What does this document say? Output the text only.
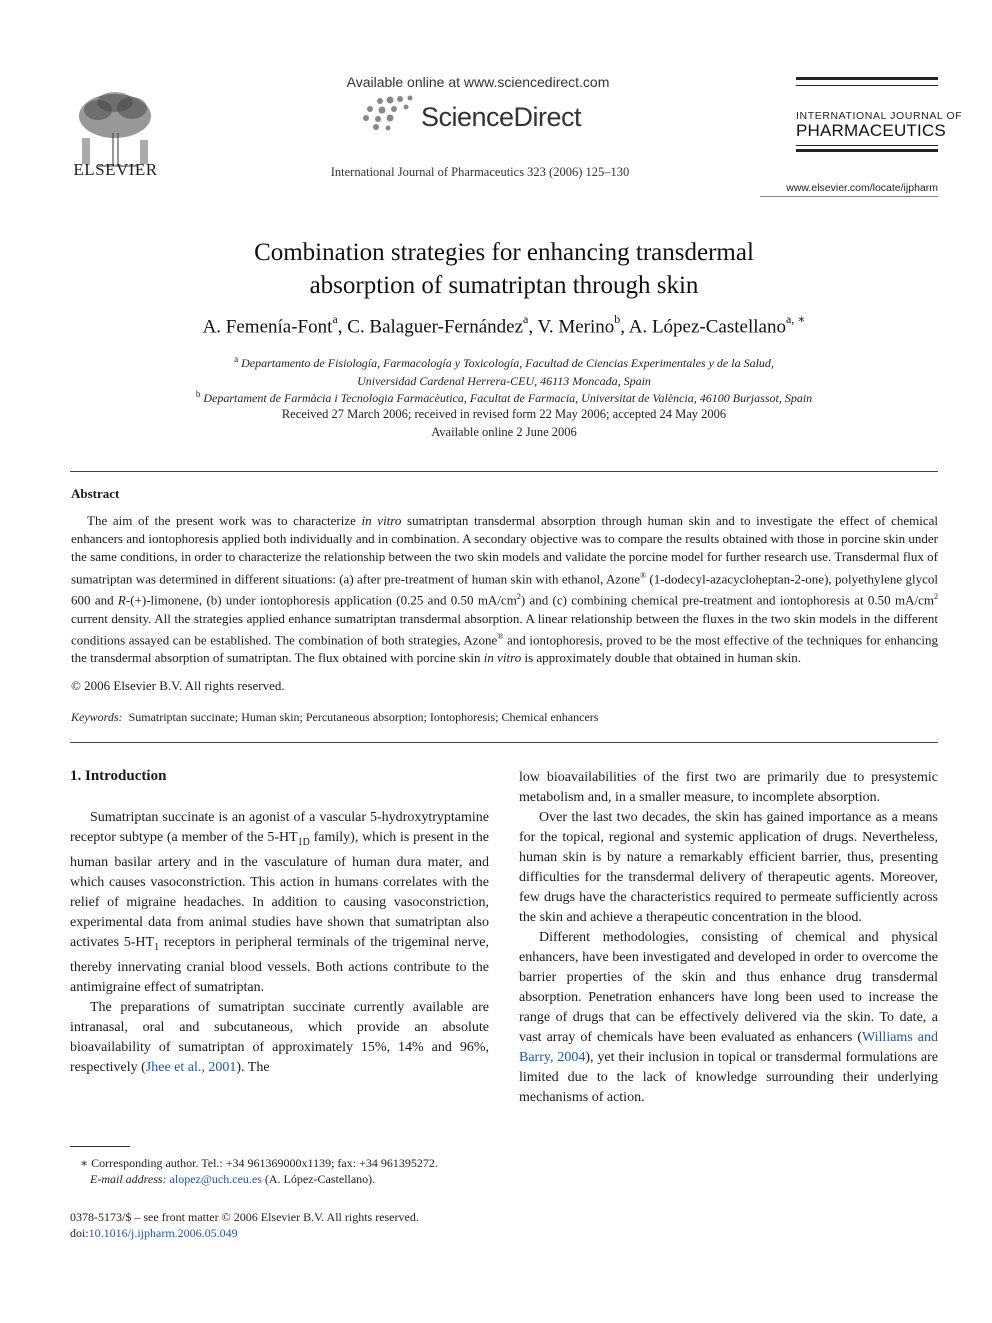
ELSEVIER
Available online at www.sciencedirect.com
ScienceDirect
International Journal of Pharmaceutics 323 (2006) 125–130
INTERNATIONAL JOURNAL OF
PHARMACEUTICS
www.elsevier.com/locate/ijpharm
Combination strategies for enhancing transdermal
absorption of sumatriptan through skin
A. Femenía-Font$^a$, C. Balaguer-Fernández$^a$, V. Merino$^b$, A. López-Castellano$^{a, ∗}$
$^a$ Departamento de Fisiología, Farmacología y Toxicología, Facultad de Ciencias Experimentales y de la Salud,
Universidad Cardenal Herrera-CEU, 46113 Moncada, Spain
$^b$ Departament de Farmàcia i Tecnologia Farmacèutica, Facultat de Farmacia, Universitat de València, 46100 Burjassot, Spain
Received 27 March 2006; received in revised form 22 May 2006; accepted 24 May 2006
Available online 2 June 2006
Abstract
The aim of the present work was to characterize in vitro sumatriptan transdermal absorption through human skin and to investigate the effect of chemical enhancers and iontophoresis applied both individually and in combination. A secondary objective was to compare the results obtained with those in porcine skin under the same conditions, in order to characterize the relationship between the two skin models and validate the porcine model for further research use. Transdermal flux of sumatriptan was determined in different situations: (a) after pre-treatment of human skin with ethanol, Azone® (1-dodecyl-azacycloheptan-2-one), polyethylene glycol 600 and R-(+)-limonene, (b) under iontophoresis application (0.25 and 0.50 $mA/cm^2$) and (c) combining chemical pre-treatment and iontophoresis at 0.50 $mA/cm^2$ current density. All the strategies applied enhance sumatriptan transdermal absorption. A linear relationship between the fluxes in the two skin models in the different conditions assayed can be established. The combination of both strategies, Azone® and iontophoresis, proved to be the most effective of the techniques for enhancing the transdermal absorption of sumatriptan. The flux obtained with porcine skin in vitro is approximately double that obtained in human skin.
© 2006 Elsevier B.V. All rights reserved.
Keywords: Sumatriptan succinate; Human skin; Percutaneous absorption; Iontophoresis; Chemical enhancers
1. Introduction

Sumatriptan succinate is an agonist of a vascular 5-hydroxytryptamine receptor subtype (a member of the $5-HT_{1D}$ family), which is present in the human basilar artery and in the vasculature of human dura mater, and which causes vasoconstriction. This action in humans correlates with the relief of migraine headaches. In addition to causing vasoconstriction, experimental data from animal studies have shown that sumatriptan also activates $5-HT_1$ receptors in peripheral terminals of the trigeminal nerve, thereby innervating cranial blood vessels. Both actions contribute to the antimigraine effect of sumatriptan.

The preparations of sumatriptan succinate currently available are intranasal, oral and subcutaneous, which provide an absolute bioavailability of sumatriptan of approximately 15%, 14% and 96%, respectively (Jhee et al., 2001). The

low bioavailabilities of the first two are primarily due to presystemic metabolism and, in a smaller measure, to incomplete absorption.

Over the last two decades, the skin has gained importance as a means for the topical, regional and systemic application of drugs. Nevertheless, human skin is by nature a remarkably efficient barrier, thus, presenting difficulties for the transdermal delivery of therapeutic agents. Moreover, few drugs have the characteristics required to permeate sufficiently across the skin and achieve a therapeutic concentration in the blood.

Different methodologies, consisting of chemical and physical enhancers, have been investigated and developed in order to overcome the barrier properties of the skin and thus enhance drug transdermal absorption. Penetration enhancers have long been used to increase the range of drugs that can be effectively delivered via the skin. To date, a vast array of chemicals have been evaluated as enhancers (Williams and Barry, 2004), yet their inclusion in topical or transdermal formulations are limited due to the lack of knowledge surrounding their underlying mechanisms of action.

∗ Corresponding author. Tel.: +34 961369000x1139; fax: +34 961395272.
E-mail address: alopez@uch.ceu.es (A. López-Castellano).
0378-5173/$ – see front matter © 2006 Elsevier B.V. All rights reserved.
doi:10.1016/j.ijpharm.2006.05.049
